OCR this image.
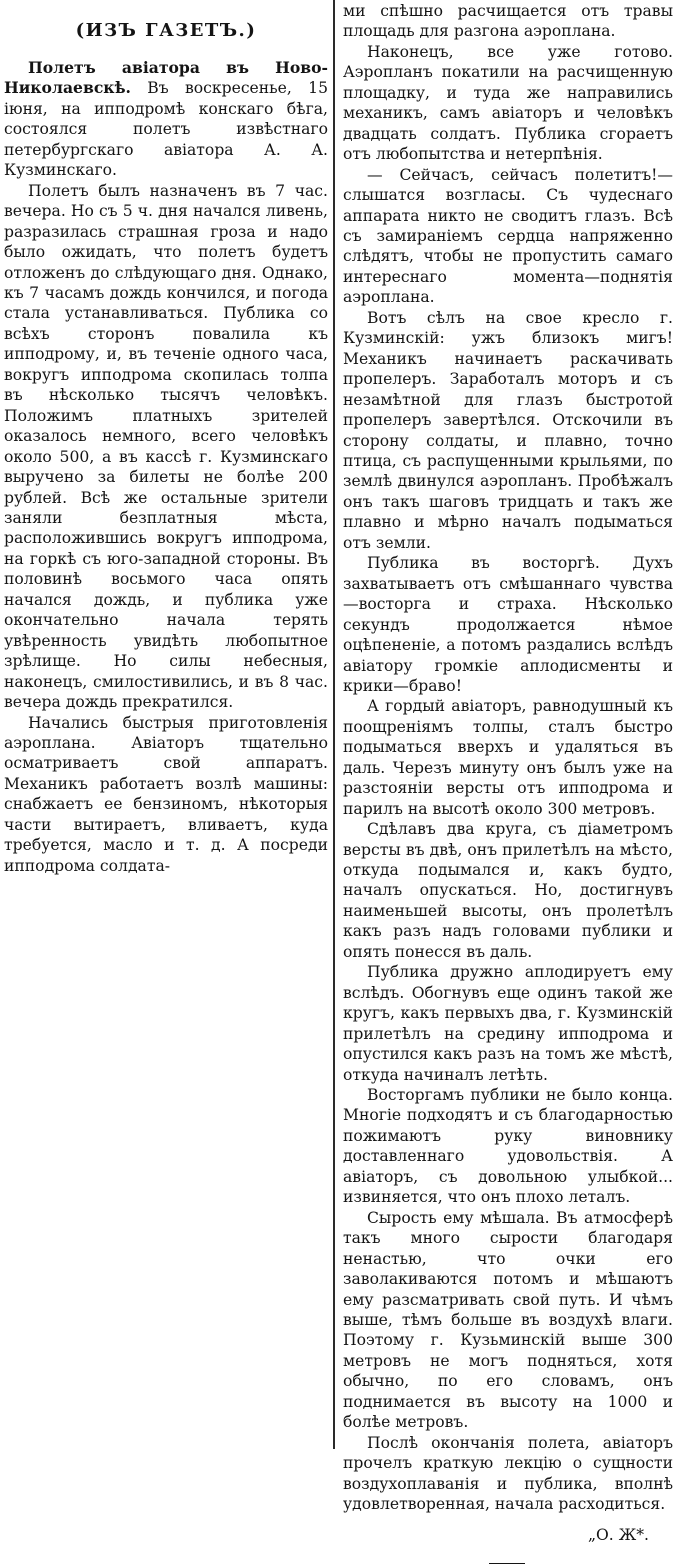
(ИЗЪ ГАЗЕТЪ.)

Полетъ авіатора въ Ново-Николаевскѣ. Въ воскресенье, 15 іюня, на ипподромѣ конскаго бѣга, состоялся полетъ извѣстнаго петербургскаго авіатора А. А. Кузминскаго.

Полетъ былъ назначенъ въ 7 час. вечера. Но съ 5 ч. дня начался ливень, разразилась страшная гроза и надо было ожидать, что полетъ будетъ отложенъ до слѣдующаго дня. Однако, къ 7 часамъ дождь кончился, и погода стала устанавливаться. Публика со всѣхъ сторонъ повалила къ ипподрому, и, въ теченіе одного часа, вокругъ ипподрома скопилась толпа въ нѣсколько тысячъ человѣкъ. Положимъ платныхъ зрителей оказалось немного, всего человѣкъ около 500, а въ кассѣ г. Кузминскаго выручено за билеты не болѣе 200 рублей. Всѣ же остальные зрители заняли безплатныя мѣста, расположившись вокругъ ипподрома, на горкѣ съ юго-западной стороны. Въ половинѣ восьмого часа опять начался дождь, и публика уже окончательно начала терять увѣренность увидѣть любопытное зрѣлище. Но силы небесныя, наконецъ, смилостивились, и въ 8 час. вечера дождь прекратился.

Начались быстрыя приготовленія аэроплана. Авіаторъ тщательно осматриваетъ свой аппаратъ. Механикъ работаетъ возлѣ машины: снабжаетъ ее бензиномъ, нѣкоторыя части вытираетъ, вливаетъ, куда требуется, масло и т. д. А посреди ипподрома солдата-

ми спѣшно расчищается отъ травы площадь для разгона аэроплана.

Наконецъ, все уже готово. Аэропланъ покатили на расчищенную площадку, и туда же направились механикъ, самъ авіаторъ и человѣкъ двадцать солдатъ. Публика сгораетъ отъ любопытства и нетерпѣнія.

— Сейчасъ, сейчасъ полетитъ!— слышатся возгласы. Съ чудеснаго аппарата никто не сводитъ глазъ. Всѣ съ замираніемъ сердца напряженно слѣдятъ, чтобы не пропустить самаго интереснаго момента—поднятія аэроплана.

Вотъ сѣлъ на свое кресло г. Кузминскій: ужъ близокъ мигъ! Механикъ начинаетъ раскачивать пропелеръ. Заработалъ моторъ и съ незамѣтной для глазъ быстротой пропелеръ завертѣлся. Отскочили въ сторону солдаты, и плавно, точно птица, съ распущенными крыльями, по землѣ двинулся аэропланъ. Пробѣжалъ онъ такъ шаговъ тридцать и такъ же плавно и мѣрно началъ подыматься отъ земли.

Публика въ восторгѣ. Духъ захватываетъ отъ смѣшаннаго чувства—восторга и страха. Нѣсколько секундъ продолжается нѣмое оцѣпененіе, а потомъ раздались вслѣдъ авіатору громкіе аплодисменты и крики—браво!

А гордый авіаторъ, равнодушный къ поощреніямъ толпы, сталъ быстро подыматься вверхъ и удаляться въ даль. Черезъ минуту онъ былъ уже на разстояніи версты отъ ипподрома и парилъ на высотѣ около 300 метровъ.

Сдѣлавъ два круга, съ діаметромъ версты въ двѣ, онъ прилетѣлъ на мѣсто, откуда подымался и, какъ будто, началъ опускаться. Но, достигнувъ наименьшей высоты, онъ пролетѣлъ какъ разъ надъ головами публики и опять понесся въ даль.

Публика дружно аплодируетъ ему вслѣдъ. Обогнувъ еще одинъ такой же кругъ, какъ первыхъ два, г. Кузминскій прилетѣлъ на средину ипподрома и опустился какъ разъ на томъ же мѣстѣ, откуда начиналъ летѣть.

Восторгамъ публики не было конца. Многіе подходятъ и съ благодарностью пожимаютъ руку виновнику доставленнаго удовольствія. А авіаторъ, съ довольною улыбкой... извиняется, что онъ плохо леталъ.

Сырость ему мѣшала. Въ атмосферѣ такъ много сырости благодаря ненастью, что очки его заволакиваются потомъ и мѣшаютъ ему разсматривать свой путь. И чѣмъ выше, тѣмъ больше въ воздухѣ влаги. Поэтому г. Кузьминскій выше 300 метровъ не могъ подняться, хотя обычно, по его словамъ, онъ поднимается въ высоту на 1000 и болѣе метровъ.

Послѣ окончанія полета, авіаторъ прочелъ краткую лекцію о сущности воздухоплаванія и публика, вполнѣ удовлетворенная, начала расходиться.

„О. Ж*.
